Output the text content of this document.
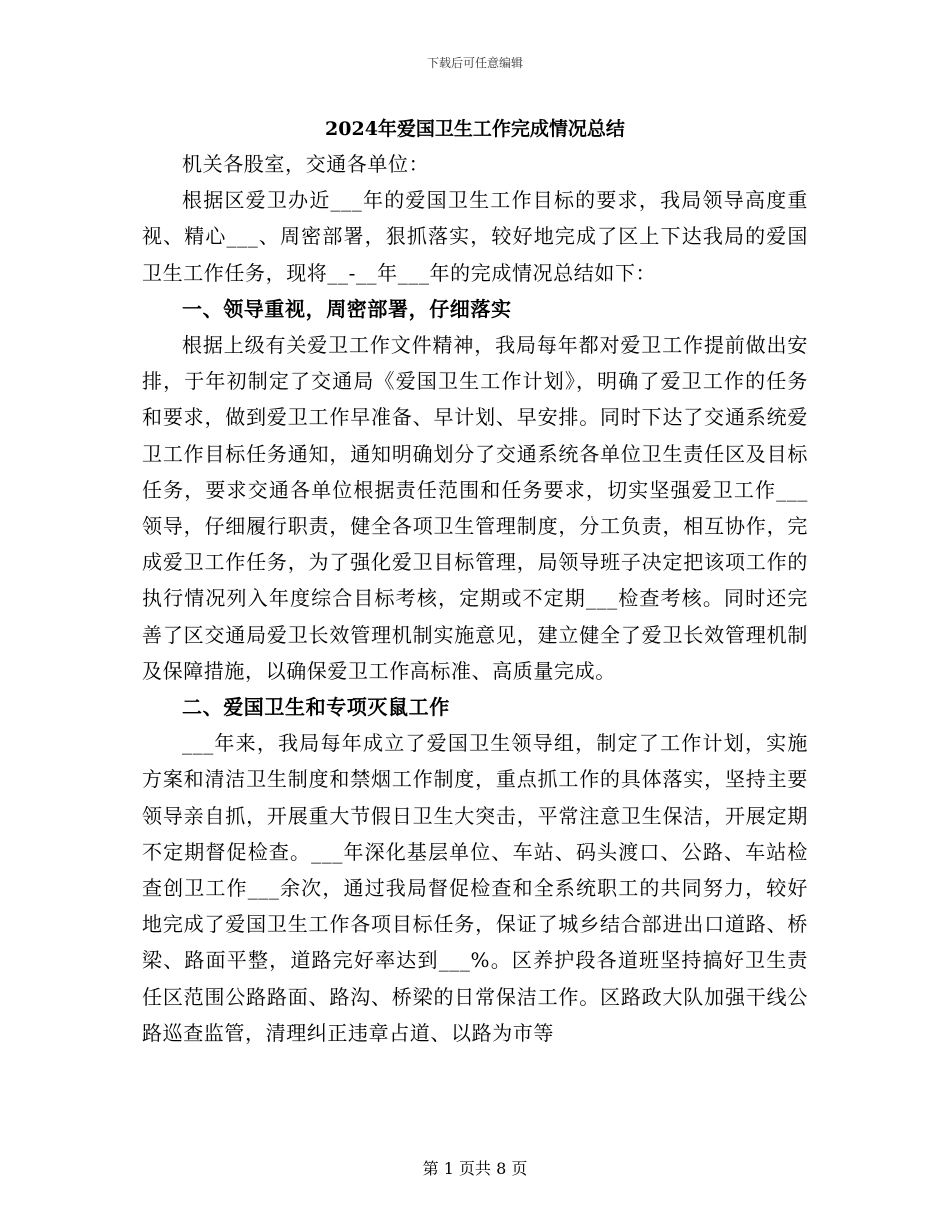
下载后可任意编辑
2024年爱国卫生工作完成情况总结

机关各股室，交通各单位：

根据区爱卫办近___年的爱国卫生工作目标的要求，我局领导高度重视、精心___、周密部署，狠抓落实，较好地完成了区上下达我局的爱国卫生工作任务，现将__-__年___年的完成情况总结如下：

一、领导重视，周密部署，仔细落实

根据上级有关爱卫工作文件精神，我局每年都对爱卫工作提前做出安排，于年初制定了交通局《爱国卫生工作计划》，明确了爱卫工作的任务和要求，做到爱卫工作早准备、早计划、早安排。同时下达了交通系统爱卫工作目标任务通知，通知明确划分了交通系统各单位卫生责任区及目标任务，要求交通各单位根据责任范围和任务要求，切实坚强爱卫工作___领导，仔细履行职责，健全各项卫生管理制度，分工负责，相互协作，完成爱卫工作任务，为了强化爱卫目标管理，局领导班子决定把该项工作的执行情况列入年度综合目标考核，定期或不定期___检查考核。同时还完善了区交通局爱卫长效管理机制实施意见，建立健全了爱卫长效管理机制及保障措施，以确保爱卫工作高标准、高质量完成。

二、爱国卫生和专项灭鼠工作

___年来，我局每年成立了爱国卫生领导组，制定了工作计划，实施方案和清洁卫生制度和禁烟工作制度，重点抓工作的具体落实，坚持主要领导亲自抓，开展重大节假日卫生大突击，平常注意卫生保洁，开展定期不定期督促检查。___年深化基层单位、车站、码头渡口、公路、车站检查创卫工作___余次，通过我局督促检查和全系统职工的共同努力，较好地完成了爱国卫生工作各项目标任务，保证了城乡结合部进出口道路、桥梁、路面平整，道路完好率达到___%。区养护段各道班坚持搞好卫生责任区范围公路路面、路沟、桥梁的日常保洁工作。区路政大队加强干线公路巡查监管，清理纠正违章占道、以路为市等

第 1 页共 8 页
